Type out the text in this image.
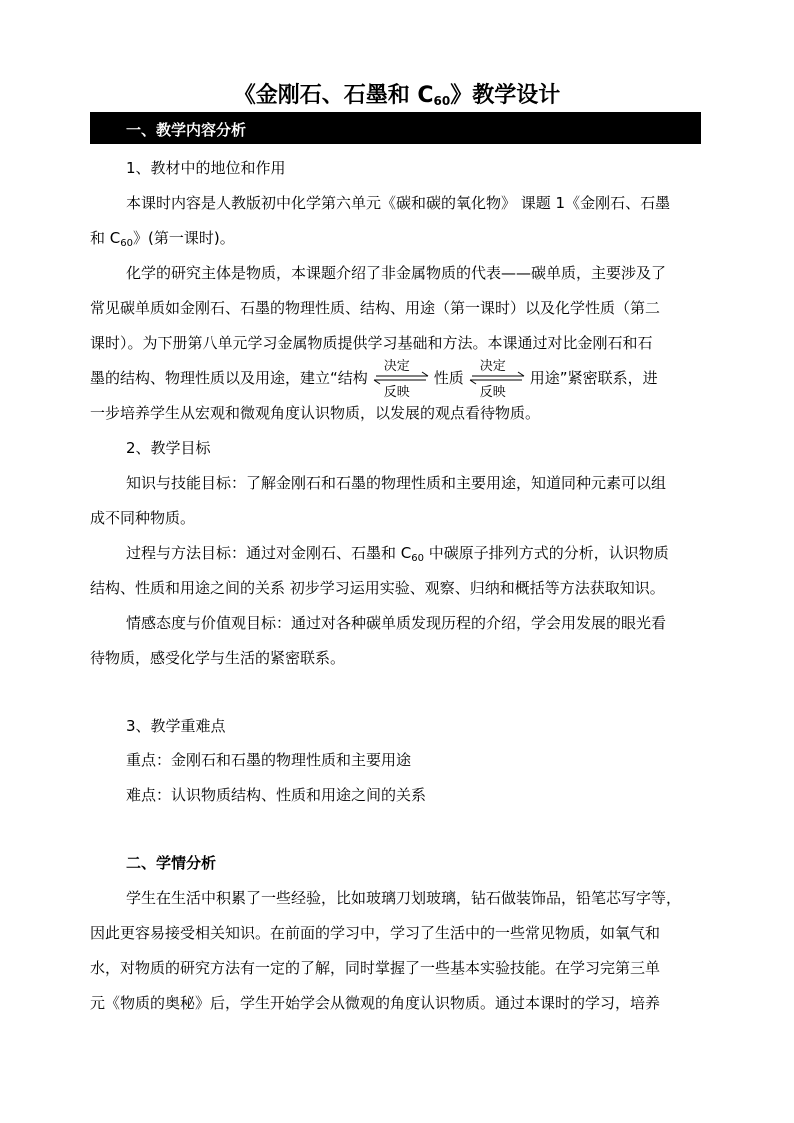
《金刚石、石墨和 $C_{60}$》教学设计
一、教学内容分析
1、教材中的地位和作用
本课时内容是人教版初中化学第六单元《碳和碳的氧化物》 课题 1《金刚石、石墨
和 $C_{60}$》(第一课时)。
化学的研究主体是物质，本课题介绍了非金属物质的代表——碳单质，主要涉及了
常见碳单质如金刚石、石墨的物理性质、结构、用途（第一课时）以及化学性质（第二
课时）。为下册第八单元学习金属物质提供学习基础和方法。本课通过对比金刚石和石
墨的结构、物理性质以及用途，建立“结构
决定
反映
性质
决定
反映
用途”紧密联系，进
一步培养学生从宏观和微观角度认识物质，以发展的观点看待物质。
2、教学目标
知识与技能目标：了解金刚石和石墨的物理性质和主要用途，知道同种元素可以组
成不同种物质。
过程与方法目标：通过对金刚石、石墨和 $C_{60}$ 中碳原子排列方式的分析，认识物质
结构、性质和用途之间的关系 初步学习运用实验、观察、归纳和概括等方法获取知识。
情感态度与价值观目标：通过对各种碳单质发现历程的介绍，学会用发展的眼光看
待物质，感受化学与生活的紧密联系。
3、教学重难点
重点：金刚石和石墨的物理性质和主要用途
难点：认识物质结构、性质和用途之间的关系
二、学情分析
学生在生活中积累了一些经验，比如玻璃刀划玻璃，钻石做装饰品，铅笔芯写字等，
因此更容易接受相关知识。在前面的学习中，学习了生活中的一些常见物质，如氧气和
水，对物质的研究方法有一定的了解，同时掌握了一些基本实验技能。在学习完第三单
元《物质的奥秘》后，学生开始学会从微观的角度认识物质。通过本课时的学习，培养
